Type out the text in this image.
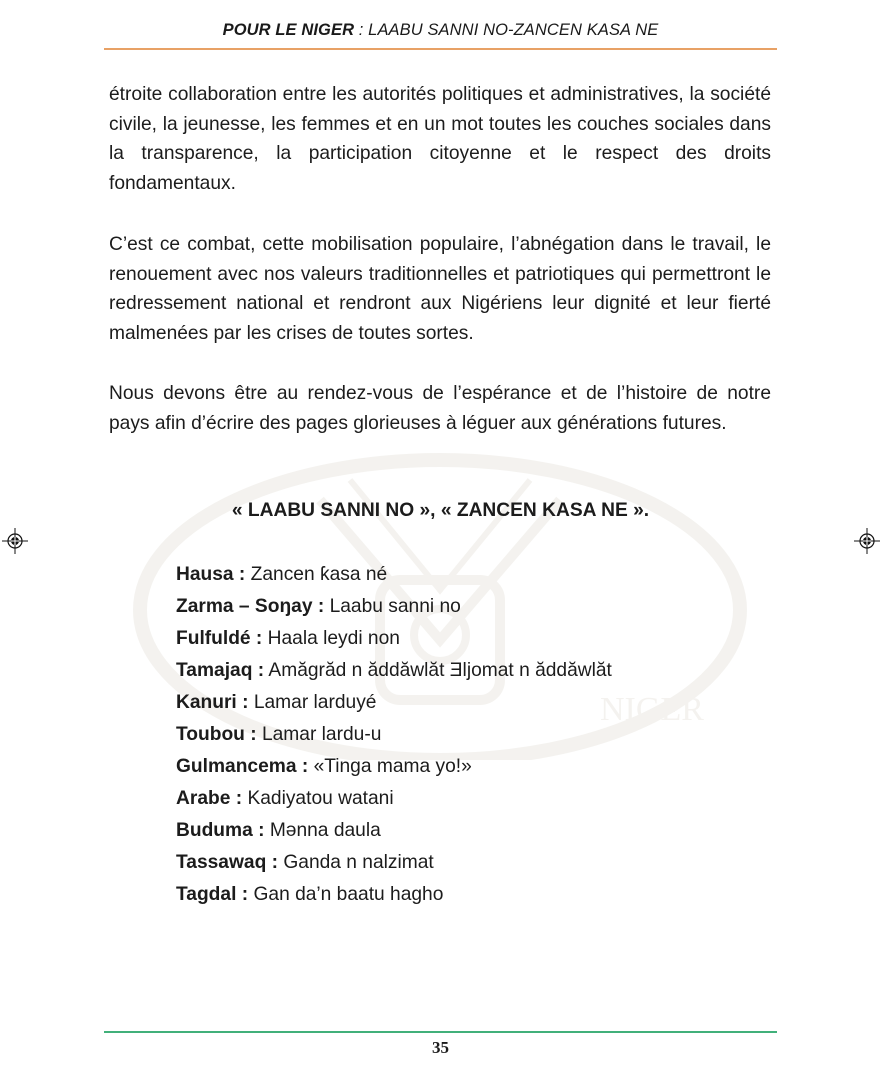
POUR LE NIGER : LAABU SANNI NO-ZANCEN KASA NE
NIGER

étroite collaboration entre les autorités politiques et administratives, la société civile, la jeunesse, les femmes et en un mot toutes les couches sociales dans la transparence, la participation citoyenne et le respect des droits fondamentaux.

C’est ce combat, cette mobilisation populaire, l’abnégation dans le travail, le renouement avec nos valeurs traditionnelles et patriotiques qui permettront le redressement national et rendront aux Nigériens leur dignité et leur fierté malmenées par les crises de toutes sortes.

Nous devons être au rendez-vous de l’espérance et de l’histoire de notre pays afin d’écrire des pages glorieuses à léguer aux générations futures.

« LAABU SANNI NO », « ZANCEN KASA NE ».
Hausa : Zancen ƙasa né
Zarma – Soŋay : Laabu sanni no
Fulfuldé : Haala leydi non
Tamajaq : Amăgrăd n ăddăwlăt Ǝljomat n ăddăwlăt
Kanuri : Lamar larduyé
Toubou : Lamar lardu-u
Gulmancema : «Tinga mama yo!»
Arabe : Kadiyatou watani
Buduma : Mənna daula
Tassawaq : Ganda n nalzimat
Tagdal : Gan da’n baatu hagho
35
